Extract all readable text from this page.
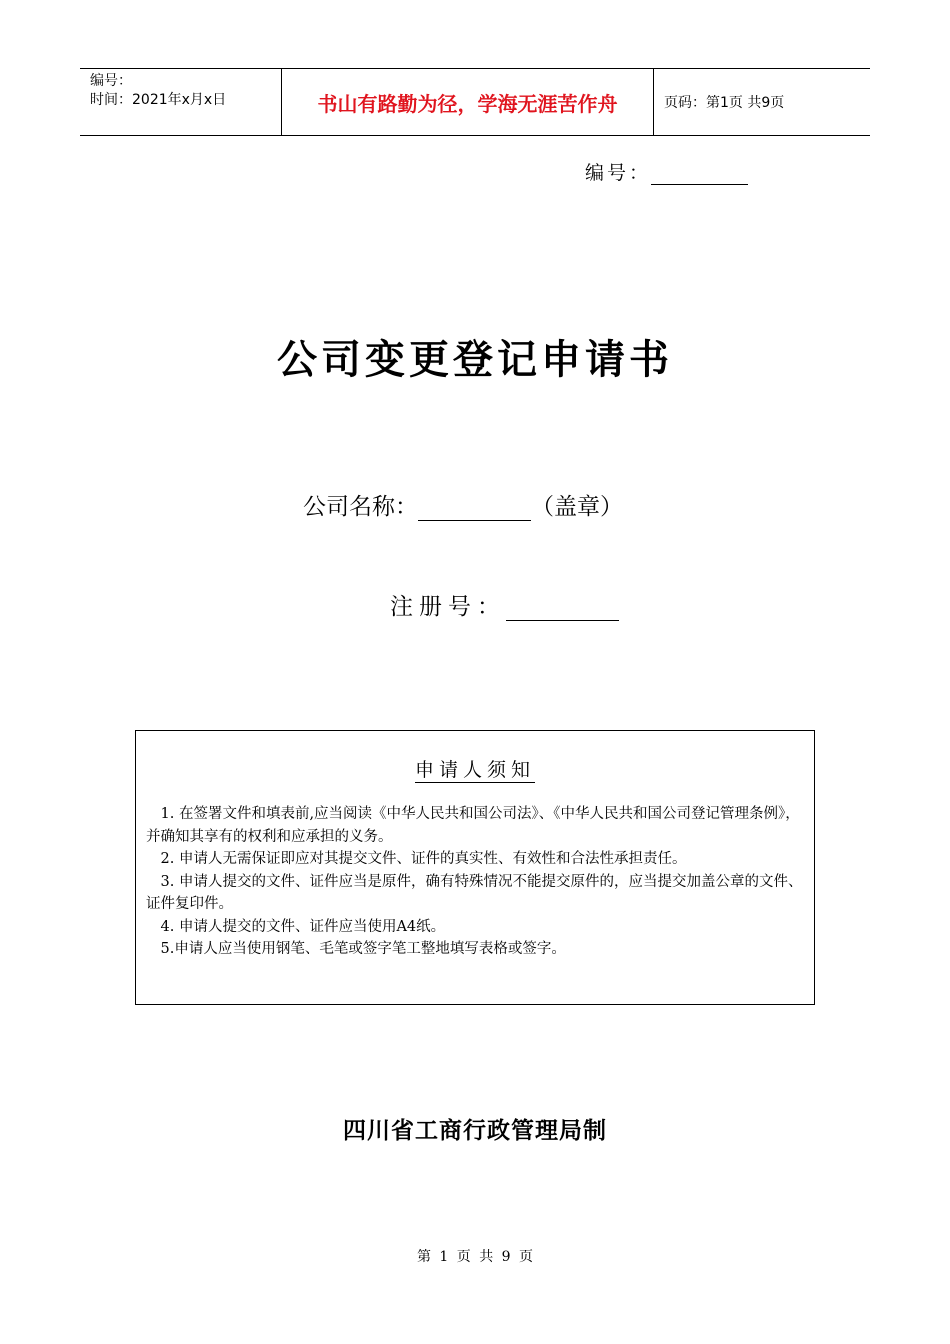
编号：
时间：2021年x月x日	书山有路勤为径，学海无涯苦作舟	页码：第1页 共9页
编号：
公司变更登记申请书
公司名称：	（盖章）
注册号：
申请人须知
1. 在签署文件和填表前,应当阅读《中华人民共和国公司法》、《中华人民共和国公司登记管理条例》，并确知其享有的权利和应承担的义务。
2. 申请人无需保证即应对其提交文件、证件的真实性、有效性和合法性承担责任。
3. 申请人提交的文件、证件应当是原件，确有特殊情况不能提交原件的，应当提交加盖公章的文件、证件复印件。
4. 申请人提交的文件、证件应当使用A4纸。
5.申请人应当使用钢笔、毛笔或签字笔工整地填写表格或签字。
四川省工商行政管理局制
第 1 页 共 9 页
